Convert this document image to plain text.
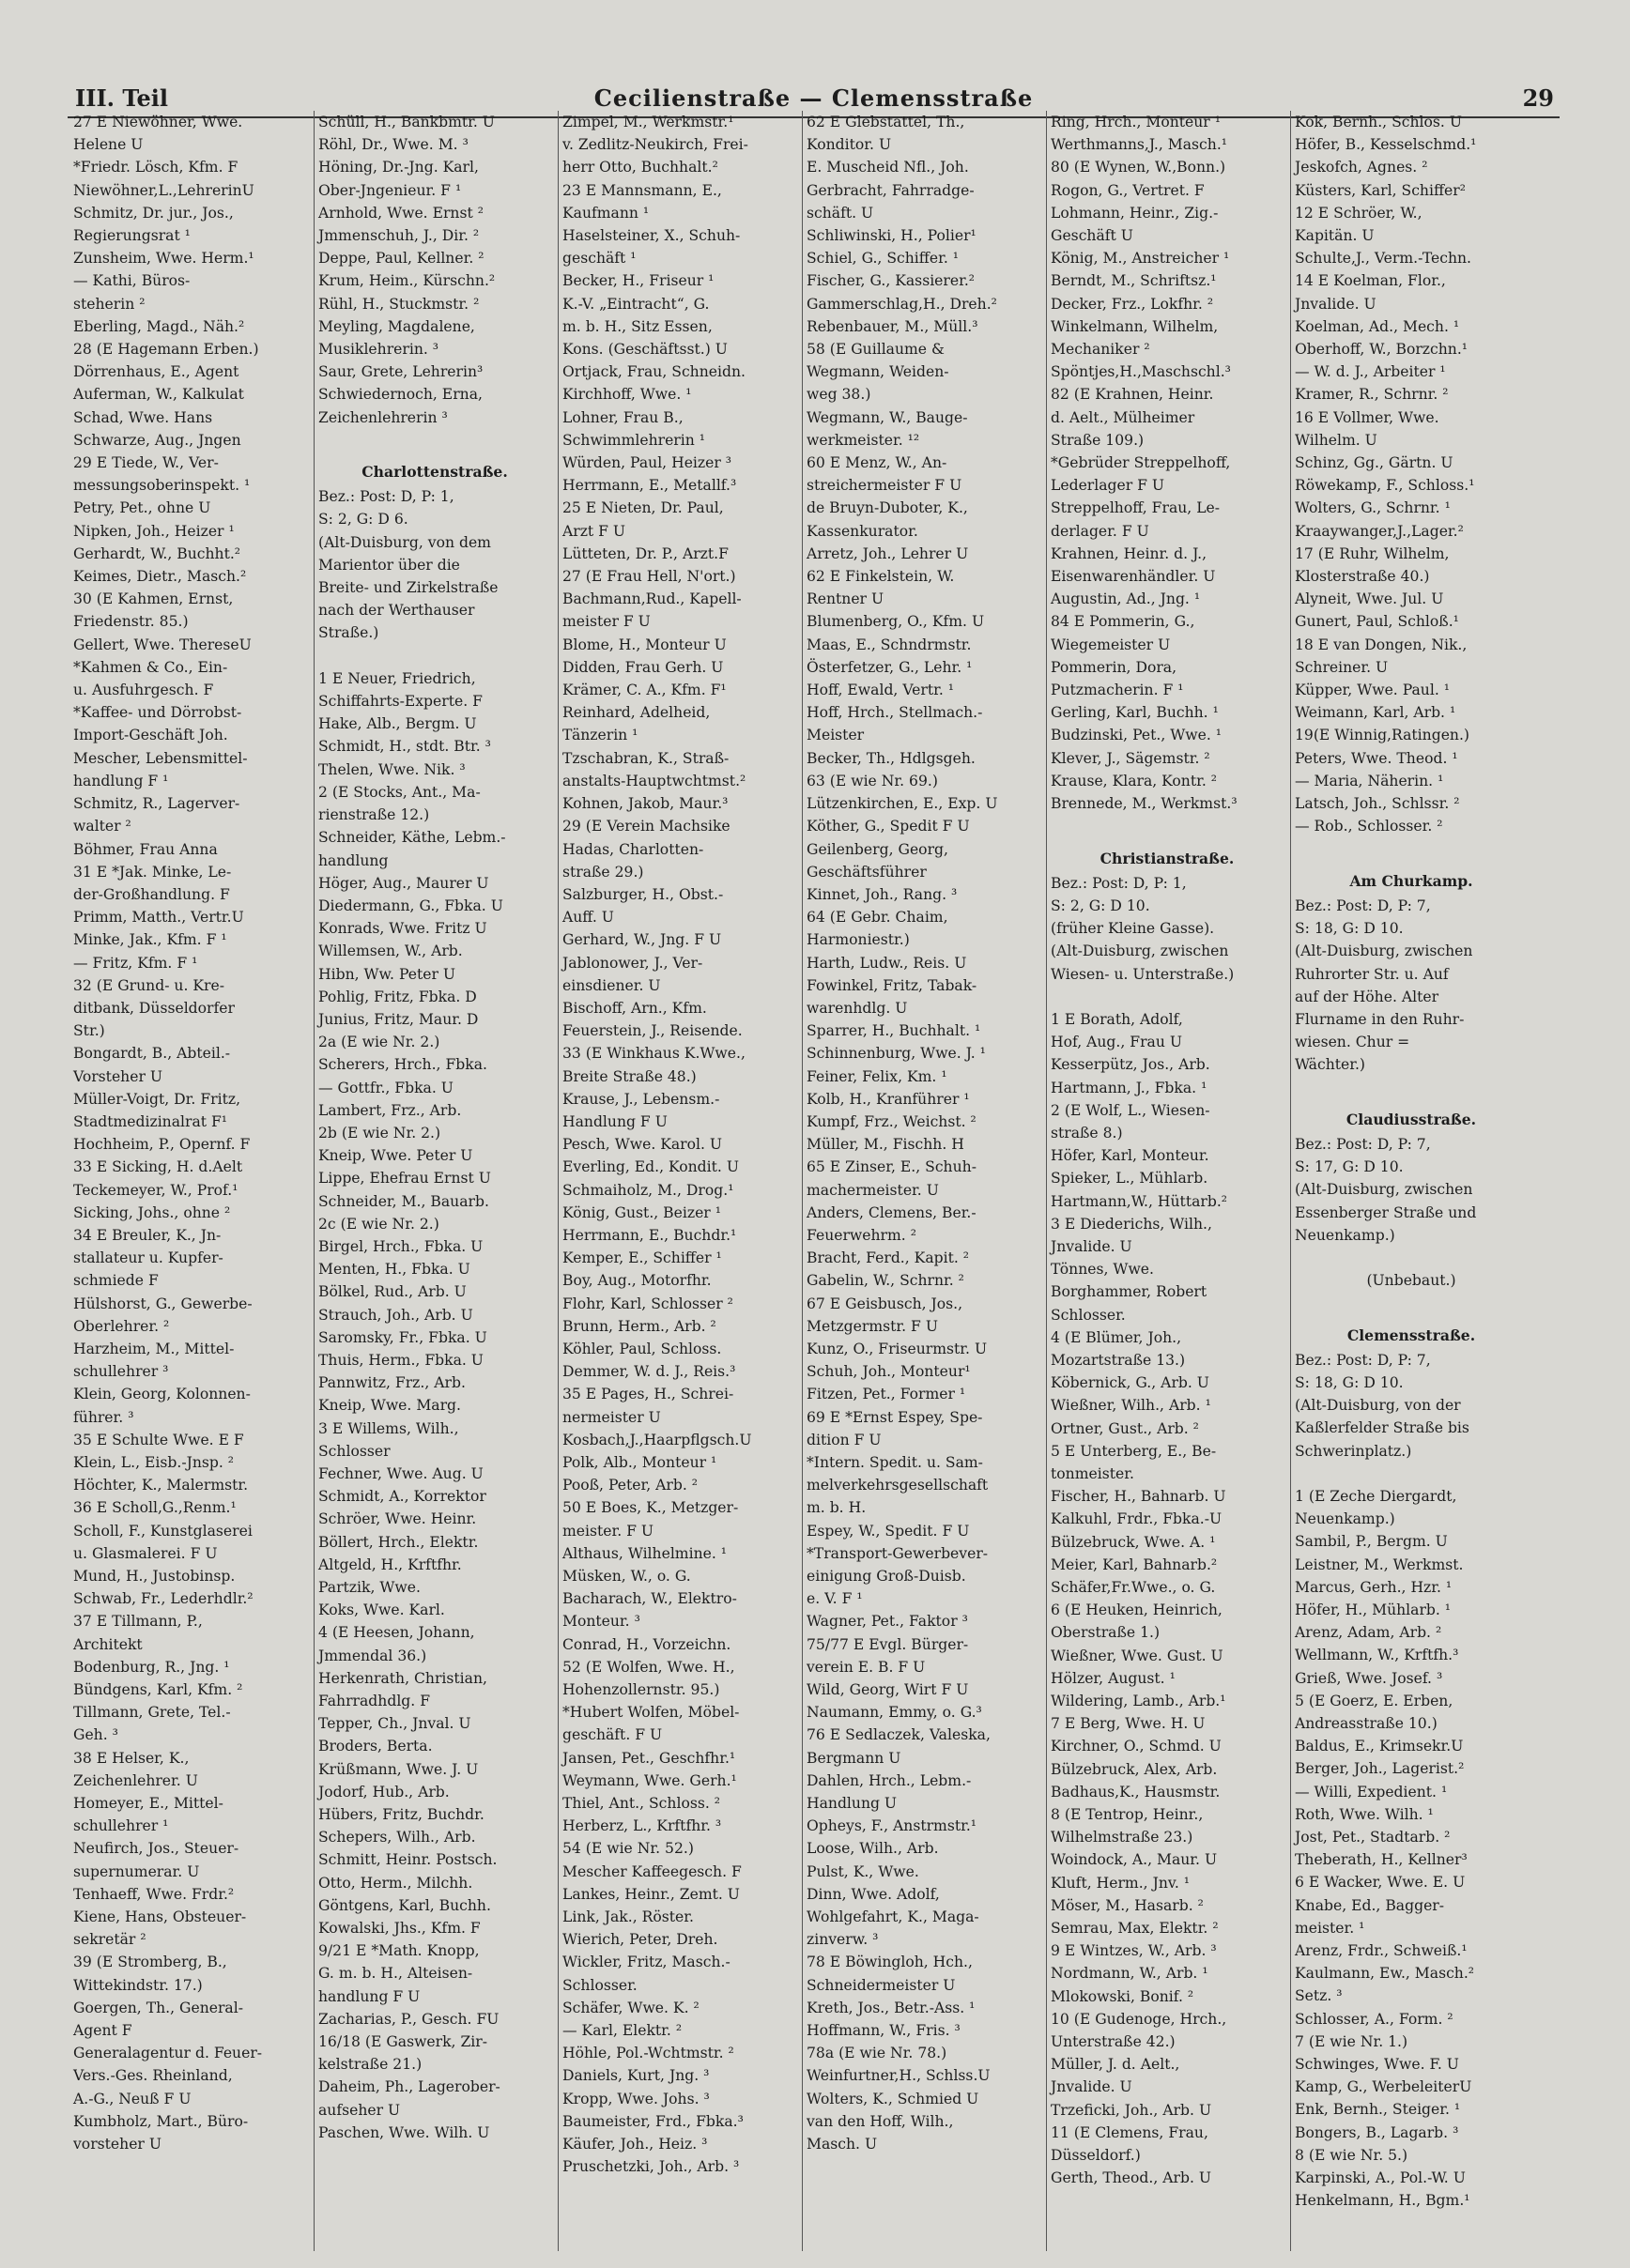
III. Teil	Cecilienstraße — Clemensstraße	29
27 E Niewöhner, Wwe.
Helene U
*Friedr. Lösch, Kfm. F
Niewöhner,L.,LehrerinU
Schmitz, Dr. jur., Jos.,
Regierungsrat ¹
Zunsheim, Wwe. Herm.¹
— Kathi, Büros-
steherin ²
Eberling, Magd., Näh.²
28 (E Hagemann Erben.)
Dörrenhaus, E., Agent
Auferman, W., Kalkulat
Schad, Wwe. Hans
Schwarze, Aug., Jngen
29 E Tiede, W., Ver-
messungsoberinspekt. ¹
Petry, Pet., ohne U
Nipken, Joh., Heizer ¹
Gerhardt, W., Buchht.²
Keimes, Dietr., Masch.²
30 (E Kahmen, Ernst,
Friedenstr. 85.)
Gellert, Wwe. ThereseU
*Kahmen & Co., Ein-
u. Ausfuhrgesch. F
*Kaffee- und Dörrobst-
Import-Geschäft Joh.
Mescher, Lebensmittel-
handlung F ¹
Schmitz, R., Lagerver-
walter ²
Böhmer, Frau Anna
31 E *Jak. Minke, Le-
der-Großhandlung. F
Primm, Matth., Vertr.U
Minke, Jak., Kfm. F ¹
— Fritz, Kfm. F ¹
32 (E Grund- u. Kre-
ditbank, Düsseldorfer
Str.)
Bongardt, B., Abteil.-
Vorsteher U
Müller-Voigt, Dr. Fritz,
Stadtmedizinalrat F¹
Hochheim, P., Opernf. F
33 E Sicking, H. d.Aelt
Teckemeyer, W., Prof.¹
Sicking, Johs., ohne ²
34 E Breuler, K., Jn-
stallateur u. Kupfer-
schmiede F
Hülshorst, G., Gewerbe-
Oberlehrer. ²
Harzheim, M., Mittel-
schullehrer ³
Klein, Georg, Kolonnen-
führer. ³
35 E Schulte Wwe. E F
Klein, L., Eisb.-Jnsp. ²
Höchter, K., Malermstr.
36 E Scholl,G.,Renm.¹
Scholl, F., Kunstglaserei
u. Glasmalerei. F U
Mund, H., Justobinsp.
Schwab, Fr., Lederhdlr.²
37 E Tillmann, P.,
Architekt
Bodenburg, R., Jng. ¹
Bündgens, Karl, Kfm. ²
Tillmann, Grete, Tel.-
Geh. ³
38 E Helser, K.,
Zeichenlehrer. U
Homeyer, E., Mittel-
schullehrer ¹
Neufirch, Jos., Steuer-
supernumerar. U
Tenhaeff, Wwe. Frdr.²
Kiene, Hans, Obsteuer-
sekretär ²
39 (E Stromberg, B.,
Wittekindstr. 17.)
Goergen, Th., General-
Agent F
Generalagentur d. Feuer-
Vers.-Ges. Rheinland,
A.-G., Neuß F U
Kumbholz, Mart., Büro-
vorsteher U
Schüll, H., Bankbmtr. U
Röhl, Dr., Wwe. M. ³
Höning, Dr.-Jng. Karl,
Ober-Jngenieur. F ¹
Arnhold, Wwe. Ernst ²
Jmmenschuh, J., Dir. ²
Deppe, Paul, Kellner. ²
Krum, Heim., Kürschn.²
Rühl, H., Stuckmstr. ²
Meyling, Magdalene,
Musiklehrerin. ³
Saur, Grete, Lehrerin³
Schwiedernoch, Erna,
Zeichenlehrerin ³

Charlottenstraße.
Bez.: Post: D, P: 1,
S: 2, G: D 6.
(Alt-Duisburg, von dem
Marientor über die
Breite- und Zirkelstraße
nach der Werthauser
Straße.)

1 E Neuer, Friedrich,
Schiffahrts-Experte. F
Hake, Alb., Bergm. U
Schmidt, H., stdt. Btr. ³
Thelen, Wwe. Nik. ³
2 (E Stocks, Ant., Ma-
rienstraße 12.)
Schneider, Käthe, Lebm.-
handlung
Höger, Aug., Maurer U
Diedermann, G., Fbka. U
Konrads, Wwe. Fritz U
Willemsen, W., Arb.
Hibn, Ww. Peter U
Pohlig, Fritz, Fbka. D
Junius, Fritz, Maur. D
2a (E wie Nr. 2.)
Scherers, Hrch., Fbka.
— Gottfr., Fbka. U
Lambert, Frz., Arb.
2b (E wie Nr. 2.)
Kneip, Wwe. Peter U
Lippe, Ehefrau Ernst U
Schneider, M., Bauarb.
2c (E wie Nr. 2.)
Birgel, Hrch., Fbka. U
Menten, H., Fbka. U
Bölkel, Rud., Arb. U
Strauch, Joh., Arb. U
Saromsky, Fr., Fbka. U
Thuis, Herm., Fbka. U
Pannwitz, Frz., Arb.
Kneip, Wwe. Marg.
3 E Willems, Wilh.,
Schlosser
Fechner, Wwe. Aug. U
Schmidt, A., Korrektor
Schröer, Wwe. Heinr.
Böllert, Hrch., Elektr.
Altgeld, H., Krftfhr.
Partzik, Wwe.
Koks, Wwe. Karl.
4 (E Heesen, Johann,
Jmmendal 36.)
Herkenrath, Christian,
Fahrradhdlg. F
Tepper, Ch., Jnval. U
Broders, Berta.
Krüßmann, Wwe. J. U
Jodorf, Hub., Arb.
Hübers, Fritz, Buchdr.
Schepers, Wilh., Arb.
Schmitt, Heinr. Postsch.
Otto, Herm., Milchh.
Göntgens, Karl, Buchh.
Kowalski, Jhs., Kfm. F
9/21 E *Math. Knopp,
G. m. b. H., Alteisen-
handlung F U
Zacharias, P., Gesch. FU
16/18 (E Gaswerk, Zir-
kelstraße 21.)
Daheim, Ph., Lagerober-
aufseher U
Paschen, Wwe. Wilh. U
Zimpel, M., Werkmstr.¹
v. Zedlitz-Neukirch, Frei-
herr Otto, Buchhalt.²
23 E Mannsmann, E.,
Kaufmann ¹
Haselsteiner, X., Schuh-
geschäft ¹
Becker, H., Friseur ¹
K.-V. „Eintracht“, G.
m. b. H., Sitz Essen,
Kons. (Geschäftsst.) U
Ortjack, Frau, Schneidn.
Kirchhoff, Wwe. ¹
Lohner, Frau B.,
Schwimmlehrerin ¹
Würden, Paul, Heizer ³
Herrmann, E., Metallf.³
25 E Nieten, Dr. Paul,
Arzt F U
Lütteten, Dr. P., Arzt.F
27 (E Frau Hell, N'ort.)
Bachmann,Rud., Kapell-
meister F U
Blome, H., Monteur U
Didden, Frau Gerh. U
Krämer, C. A., Kfm. F¹
Reinhard, Adelheid,
Tänzerin ¹
Tzschabran, K., Straß-
anstalts-Hauptwchtmst.²
Kohnen, Jakob, Maur.³
29 (E Verein Machsike
Hadas, Charlotten-
straße 29.)
Salzburger, H., Obst.-
Auff. U
Gerhard, W., Jng. F U
Jablonower, J., Ver-
einsdiener. U
Bischoff, Arn., Kfm.
Feuerstein, J., Reisende.
33 (E Winkhaus K.Wwe.,
Breite Straße 48.)
Krause, J., Lebensm.-
Handlung F U
Pesch, Wwe. Karol. U
Everling, Ed., Kondit. U
Schmaiholz, M., Drog.¹
König, Gust., Beizer ¹
Herrmann, E., Buchdr.¹
Kemper, E., Schiffer ¹
Boy, Aug., Motorfhr.
Flohr, Karl, Schlosser ²
Brunn, Herm., Arb. ²
Köhler, Paul, Schloss.
Demmer, W. d. J., Reis.³
35 E Pages, H., Schrei-
nermeister U
Kosbach,J.,Haarpflgsch.U
Polk, Alb., Monteur ¹
Pooß, Peter, Arb. ²
50 E Boes, K., Metzger-
meister. F U
Althaus, Wilhelmine. ¹
Müsken, W., o. G.
Bacharach, W., Elektro-
Monteur. ³
Conrad, H., Vorzeichn.
52 (E Wolfen, Wwe. H.,
Hohenzollernstr. 95.)
*Hubert Wolfen, Möbel-
geschäft. F U
Jansen, Pet., Geschfhr.¹
Weymann, Wwe. Gerh.¹
Thiel, Ant., Schloss. ²
Herberz, L., Krftfhr. ³
54 (E wie Nr. 52.)
Mescher Kaffeegesch. F
Lankes, Heinr., Zemt. U
Link, Jak., Röster.
Wierich, Peter, Dreh.
Wickler, Fritz, Masch.-
Schlosser.
Schäfer, Wwe. K. ²
— Karl, Elektr. ²
Höhle, Pol.-Wchtmstr. ²
Daniels, Kurt, Jng. ³
Kropp, Wwe. Johs. ³
Baumeister, Frd., Fbka.³
Käufer, Joh., Heiz. ³
Pruschetzki, Joh., Arb. ³
62 E Glebstattel, Th.,
Konditor. U
E. Muscheid Nfl., Joh.
Gerbracht, Fahrradge-
schäft. U
Schliwinski, H., Polier¹
Schiel, G., Schiffer. ¹
Fischer, G., Kassierer.²
Gammerschlag,H., Dreh.²
Rebenbauer, M., Müll.³
58 (E Guillaume &
Wegmann, Weiden-
weg 38.)
Wegmann, W., Bauge-
werkmeister. ¹²
60 E Menz, W., An-
streichermeister F U
de Bruyn-Duboter, K.,
Kassenkurator.
Arretz, Joh., Lehrer U
62 E Finkelstein, W.
Rentner U
Blumenberg, O., Kfm. U
Maas, E., Schndrmstr.
Österfetzer, G., Lehr. ¹
Hoff, Ewald, Vertr. ¹
Hoff, Hrch., Stellmach.-
Meister
Becker, Th., Hdlgsgeh.
63 (E wie Nr. 69.)
Lützenkirchen, E., Exp. U
Köther, G., Spedit F U
Geilenberg, Georg,
Geschäftsführer
Kinnet, Joh., Rang. ³
64 (E Gebr. Chaim,
Harmoniestr.)
Harth, Ludw., Reis. U
Fowinkel, Fritz, Tabak-
warenhdlg. U
Sparrer, H., Buchhalt. ¹
Schinnenburg, Wwe. J. ¹
Feiner, Felix, Km. ¹
Kolb, H., Kranführer ¹
Kumpf, Frz., Weichst. ²
Müller, M., Fischh. H
65 E Zinser, E., Schuh-
machermeister. U
Anders, Clemens, Ber.-
Feuerwehrm. ²
Bracht, Ferd., Kapit. ²
Gabelin, W., Schrnr. ²
67 E Geisbusch, Jos.,
Metzgermstr. F U
Kunz, O., Friseurmstr. U
Schuh, Joh., Monteur¹
Fitzen, Pet., Former ¹
69 E *Ernst Espey, Spe-
dition F U
*Intern. Spedit. u. Sam-
melverkehrsgesellschaft
m. b. H.
Espey, W., Spedit. F U
*Transport-Gewerbever-
einigung Groß-Duisb.
e. V. F ¹
Wagner, Pet., Faktor ³
75/77 E Evgl. Bürger-
verein E. B. F U
Wild, Georg, Wirt F U
Naumann, Emmy, o. G.³
76 E Sedlaczek, Valeska,
Bergmann U
Dahlen, Hrch., Lebm.-
Handlung U
Opheys, F., Anstrmstr.¹
Loose, Wilh., Arb.
Pulst, K., Wwe.
Dinn, Wwe. Adolf,
Wohlgefahrt, K., Maga-
zinverw. ³
78 E Böwingloh, Hch.,
Schneidermeister U
Kreth, Jos., Betr.-Ass. ¹
Hoffmann, W., Fris. ³
78a (E wie Nr. 78.)
Weinfurtner,H., Schlss.U
Wolters, K., Schmied U
van den Hoff, Wilh.,
Masch. U
Ring, Hrch., Monteur ¹
Werthmanns,J., Masch.¹
80 (E Wynen, W.,Bonn.)
Rogon, G., Vertret. F
Lohmann, Heinr., Zig.-
Geschäft U
König, M., Anstreicher ¹
Berndt, M., Schriftsz.¹
Decker, Frz., Lokfhr. ²
Winkelmann, Wilhelm,
Mechaniker ²
Spöntjes,H.,Maschschl.³
82 (E Krahnen, Heinr.
d. Aelt., Mülheimer
Straße 109.)
*Gebrüder Streppelhoff,
Lederlager F U
Streppelhoff, Frau, Le-
derlager. F U
Krahnen, Heinr. d. J.,
Eisenwarenhändler. U
Augustin, Ad., Jng. ¹
84 E Pommerin, G.,
Wiegemeister U
Pommerin, Dora,
Putzmacherin. F ¹
Gerling, Karl, Buchh. ¹
Budzinski, Pet., Wwe. ¹
Klever, J., Sägemstr. ²
Krause, Klara, Kontr. ²
Brennede, M., Werkmst.³

Christianstraße.
Bez.: Post: D, P: 1,
S: 2, G: D 10.
(früher Kleine Gasse).
(Alt-Duisburg, zwischen
Wiesen- u. Unterstraße.)

1 E Borath, Adolf,
Hof, Aug., Frau U
Kesserpütz, Jos., Arb.
Hartmann, J., Fbka. ¹
2 (E Wolf, L., Wiesen-
straße 8.)
Höfer, Karl, Monteur.
Spieker, L., Mühlarb.
Hartmann,W., Hüttarb.²
3 E Diederichs, Wilh.,
Jnvalide. U
Tönnes, Wwe.
Borghammer, Robert
Schlosser.
4 (E Blümer, Joh.,
Mozartstraße 13.)
Köbernick, G., Arb. U
Wießner, Wilh., Arb. ¹
Ortner, Gust., Arb. ²
5 E Unterberg, E., Be-
tonmeister.
Fischer, H., Bahnarb. U
Kalkuhl, Frdr., Fbka.-U
Bülzebruck, Wwe. A. ¹
Meier, Karl, Bahnarb.²
Schäfer,Fr.Wwe., o. G.
6 (E Heuken, Heinrich,
Oberstraße 1.)
Wießner, Wwe. Gust. U
Hölzer, August. ¹
Wildering, Lamb., Arb.¹
7 E Berg, Wwe. H. U
Kirchner, O., Schmd. U
Bülzebruck, Alex, Arb.
Badhaus,K., Hausmstr.
8 (E Tentrop, Heinr.,
Wilhelmstraße 23.)
Woindock, A., Maur. U
Kluft, Herm., Jnv. ¹
Möser, M., Hasarb. ²
Semrau, Max, Elektr. ²
9 E Wintzes, W., Arb. ³
Nordmann, W., Arb. ¹
Mlokowski, Bonif. ²
10 (E Gudenoge, Hrch.,
Unterstraße 42.)
Müller, J. d. Aelt.,
Jnvalide. U
Trzeficki, Joh., Arb. U
11 (E Clemens, Frau,
Düsseldorf.)
Gerth, Theod., Arb. U
Kok, Bernh., Schlos. U
Höfer, B., Kesselschmd.¹
Jeskofch, Agnes. ²
Küsters, Karl, Schiffer²
12 E Schröer, W.,
Kapitän. U
Schulte,J., Verm.-Techn.
14 E Koelman, Flor.,
Jnvalide. U
Koelman, Ad., Mech. ¹
Oberhoff, W., Borzchn.¹
— W. d. J., Arbeiter ¹
Kramer, R., Schrnr. ²
16 E Vollmer, Wwe.
Wilhelm. U
Schinz, Gg., Gärtn. U
Röwekamp, F., Schloss.¹
Wolters, G., Schrnr. ¹
Kraaywanger,J.,Lager.²
17 (E Ruhr, Wilhelm,
Klosterstraße 40.)
Alyneit, Wwe. Jul. U
Gunert, Paul, Schloß.¹
18 E van Dongen, Nik.,
Schreiner. U
Küpper, Wwe. Paul. ¹
Weimann, Karl, Arb. ¹
19(E Winnig,Ratingen.)
Peters, Wwe. Theod. ¹
— Maria, Näherin. ¹
Latsch, Joh., Schlssr. ²
— Rob., Schlosser. ²

Am Churkamp.
Bez.: Post: D, P: 7,
S: 18, G: D 10.
(Alt-Duisburg, zwischen
Ruhrorter Str. u. Auf
auf der Höhe. Alter
Flurname in den Ruhr-
wiesen. Chur =
Wächter.)

Claudiusstraße.
Bez.: Post: D, P: 7,
S: 17, G: D 10.
(Alt-Duisburg, zwischen
Essenberger Straße und
Neuenkamp.)

(Unbebaut.)

Clemensstraße.
Bez.: Post: D, P: 7,
S: 18, G: D 10.
(Alt-Duisburg, von der
Kaßlerfelder Straße bis
Schwerinplatz.)

1 (E Zeche Diergardt,
Neuenkamp.)
Sambil, P., Bergm. U
Leistner, M., Werkmst.
Marcus, Gerh., Hzr. ¹
Höfer, H., Mühlarb. ¹
Arenz, Adam, Arb. ²
Wellmann, W., Krftfh.³
Grieß, Wwe. Josef. ³
5 (E Goerz, E. Erben,
Andreasstraße 10.)
Baldus, E., Krimsekr.U
Berger, Joh., Lagerist.²
— Willi, Expedient. ¹
Roth, Wwe. Wilh. ¹
Jost, Pet., Stadtarb. ²
Theberath, H., Kellner³
6 E Wacker, Wwe. E. U
Knabe, Ed., Bagger-
meister. ¹
Arenz, Frdr., Schweiß.¹
Kaulmann, Ew., Masch.²
Setz. ³
Schlosser, A., Form. ²
7 (E wie Nr. 1.)
Schwinges, Wwe. F. U
Kamp, G., WerbeleiterU
Enk, Bernh., Steiger. ¹
Bongers, B., Lagarb. ³
8 (E wie Nr. 5.)
Karpinski, A., Pol.-W. U
Henkelmann, H., Bgm.¹
